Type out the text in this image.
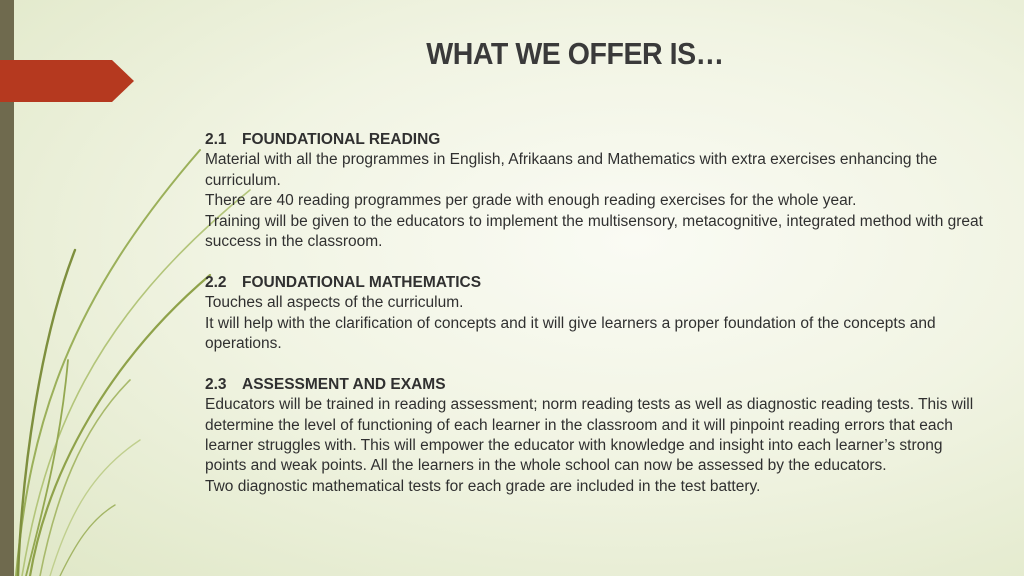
WHAT WE OFFER IS…

2.1 FOUNDATIONAL READING

Material with all the programmes in English, Afrikaans and Mathematics with extra exercises enhancing the curriculum.

There are 40 reading programmes per grade with enough reading exercises for the whole year.

Training will be given to the educators to implement the multisensory, metacognitive, integrated method with great success in the classroom.

2.2 FOUNDATIONAL MATHEMATICS

Touches all aspects of the curriculum.

It will help with the clarification of concepts and it will give learners a proper foundation of the concepts and operations.

2.3 ASSESSMENT AND EXAMS

Educators will be trained in reading assessment; norm reading tests as well as diagnostic reading tests. This will determine the level of functioning of each learner in the classroom and it will pinpoint reading errors that each learner struggles with. This will empower the educator with knowledge and insight into each learner’s strong points and weak points. All the learners in the whole school can now be assessed by the educators.

Two diagnostic mathematical tests for each grade are included in the test battery.
